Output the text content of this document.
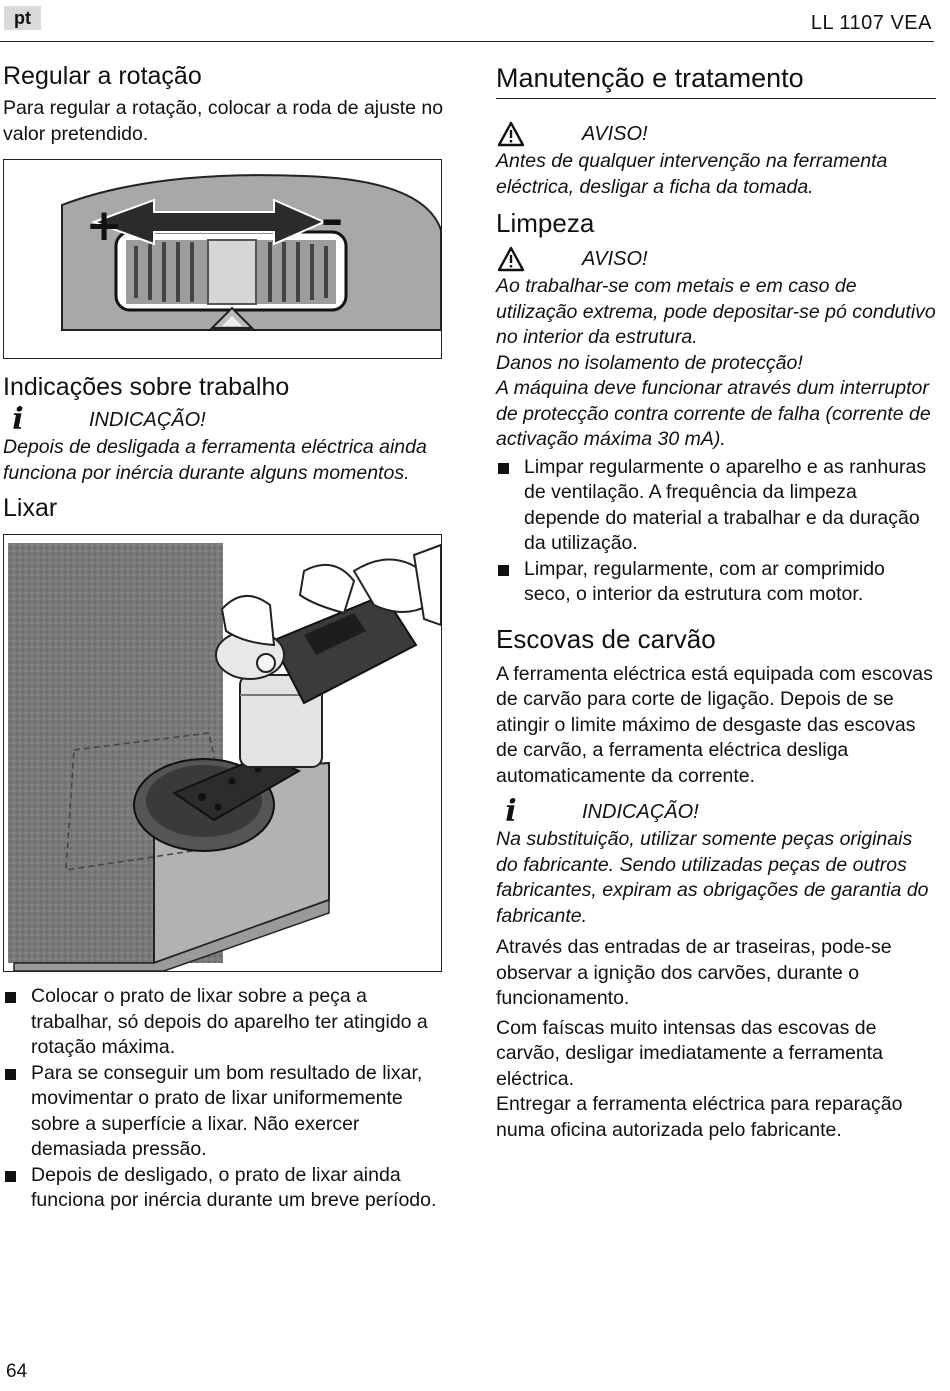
pt	LL 1107 VEA
Regular a rotação

Para regular a rotação, colocar a roda de ajuste no valor pretendido.

+	–
Indicações sobre trabalho
i	INDICAÇÃO!

Depois de desligada a ferramenta eléctrica ainda funciona por inércia durante alguns momentos.

Lixar
Colocar o prato de lixar sobre a peça a trabalhar, só depois do aparelho ter atingido a rotação máxima.
Para se conseguir um bom resultado de lixar, movimentar o prato de lixar uniformemente sobre a superfície a lixar. Não exercer demasiada pressão.
Depois de desligado, o prato de lixar ainda funciona por inércia durante um breve período.
Manutenção e tratamento
AVISO!

Antes de qualquer intervenção na ferramenta eléctrica, desligar a ficha da tomada.

Limpeza
AVISO!

Ao trabalhar-se com metais e em caso de utilização extrema, pode depositar-se pó condutivo no interior da estrutura.

Danos no isolamento de protecção!

A máquina deve funcionar através dum interruptor de protecção contra corrente de falha (corrente de activação máxima 30 mA).

Limpar regularmente o aparelho e as ranhuras de ventilação. A frequência da limpeza depende do material a trabalhar e da duração da utilização.
Limpar, regularmente, com ar comprimido seco, o interior da estrutura com motor.
Escovas de carvão

A ferramenta eléctrica está equipada com escovas de carvão para corte de ligação. Depois de se atingir o limite máximo de desgaste das escovas de carvão, a ferramenta eléctrica desliga automaticamente da corrente.

i	INDICAÇÃO!

Na substituição, utilizar somente peças originais do fabricante. Sendo utilizadas peças de outros fabricantes, expiram as obrigações de garantia do fabricante.

Através das entradas de ar traseiras, pode-se observar a ignição dos carvões, durante o funcionamento.

Com faíscas muito intensas das escovas de carvão, desligar imediatamente a ferramenta eléctrica.

Entregar a ferramenta eléctrica para reparação numa oficina autorizada pelo fabricante.

64
